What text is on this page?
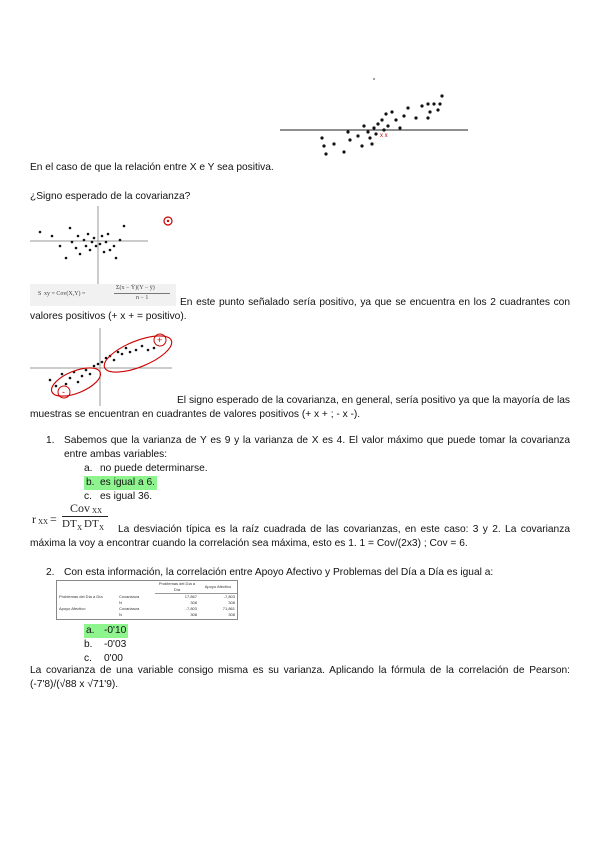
x x

En el caso de que la relación entre X e Y sea positiva.

¿Signo esperado de la covarianza?

S xy = Cov(X,Y) =
Σ(x − Ȳ)(Y − ȳ)
n − 1	En este punto señalado sería positivo, ya que se encuentra en los 2 cuadrantes con valores positivos (+ x + = positivo).

+
-

El signo esperado de la covarianza, en general, sería positivo ya que la mayoría de las muestras se encuentran en cuadrantes de valores positivos (+ x + ; - x -).

1. Sabemos que la varianza de Y es 9 y la varianza de X es 4. El valor máximo que puede tomar la covarianza entre ambas variables:

a. no puede determinarse.
b. es igual a 6.
c. es igual 36.
r XX =
Cov XX
DT X DT X	La desviación típica es la raíz cuadrada de las covarianzas, en este caso: 3 y 2. La covarianza máxima la voy a encontrar cuando la correlación sea máxima, esto es 1. 1 = Cov/(2x3) ; Cov = 6.

2. Con esta información, la correlación entre Apoyo Afectivo y Problemas del Día a Día es igual a:

		Problemas del Día a Día	Apoyo Afectivo
Problemas del Día a Día	Covarianza	17,867	-7,803
	N	308	308
Apoyo Afectivo	Covarianza	-7,803	71,861
	N	308	308
a. -0'10
b. -0'03
c. 0'00

La covarianza de una variable consigo misma es su varianza. Aplicando la fórmula de la correlación de Pearson: (-7'8)/(√88 x √71'9).
